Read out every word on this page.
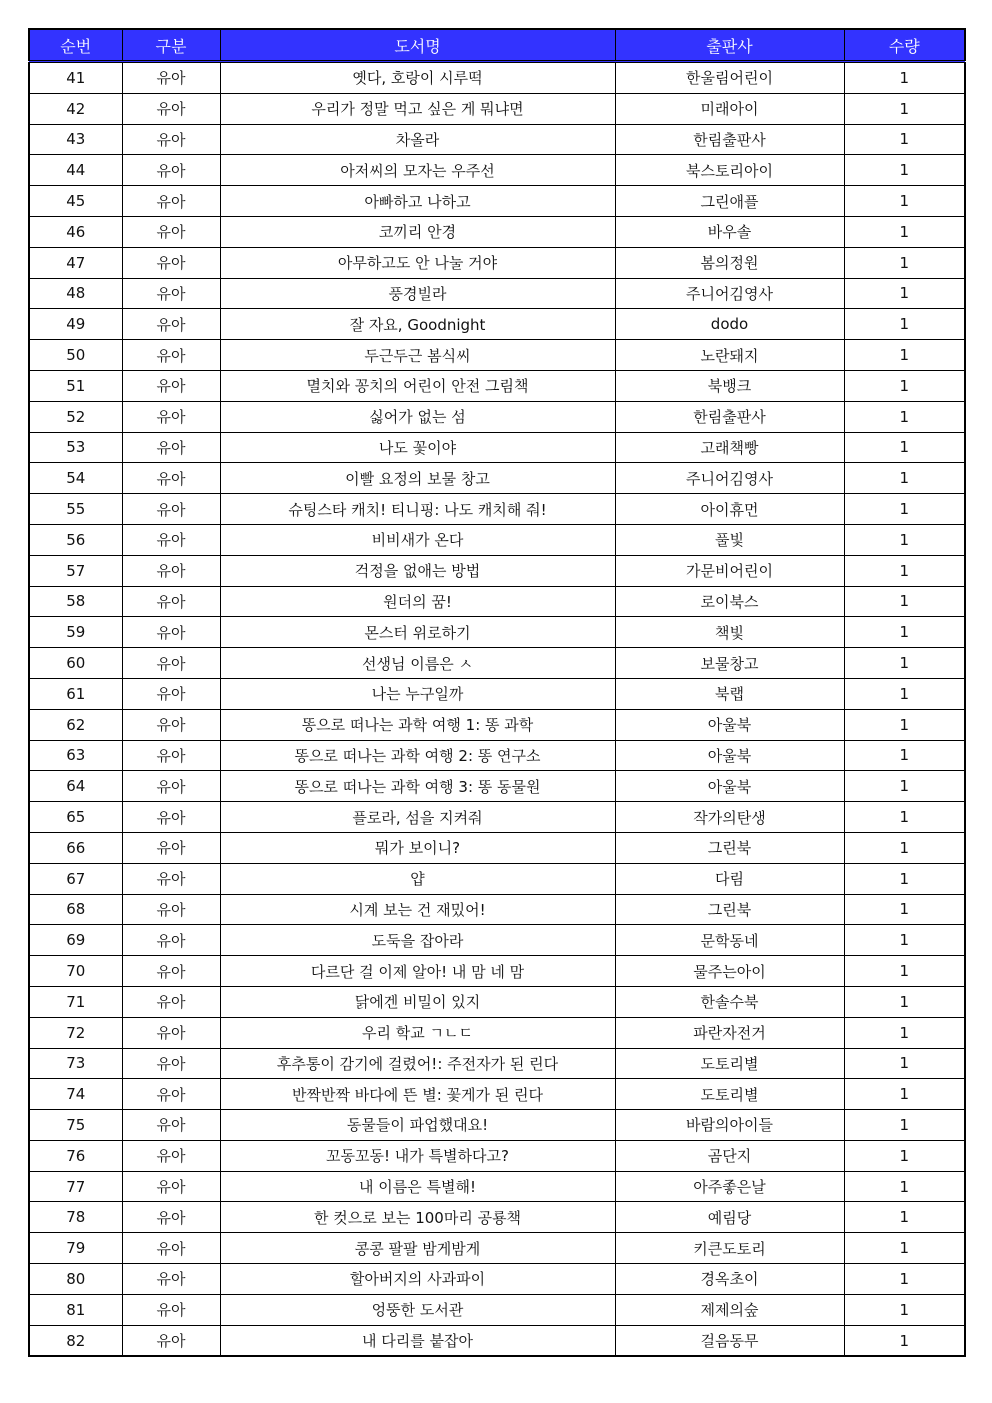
순번	구분	도서명	출판사	수량
41	유아	옛다, 호랑이 시루떡	한울림어린이	1
42	유아	우리가 정말 먹고 싶은 게 뭐냐면	미래아이	1
43	유아	차올라	한림출판사	1
44	유아	아저씨의 모자는 우주선	북스토리아이	1
45	유아	아빠하고 나하고	그린애플	1
46	유아	코끼리 안경	바우솔	1
47	유아	아무하고도 안 나눌 거야	봄의정원	1
48	유아	풍경빌라	주니어김영사	1
49	유아	잘 자요, Goodnight	dodo	1
50	유아	두근두근 봄식씨	노란돼지	1
51	유아	멸치와 꽁치의 어린이 안전 그림책	북뱅크	1
52	유아	싫어가 없는 섬	한림출판사	1
53	유아	나도 꽃이야	고래책빵	1
54	유아	이빨 요정의 보물 창고	주니어김영사	1
55	유아	슈팅스타 캐치! 티니핑: 나도 캐치해 줘!	아이휴먼	1
56	유아	비비새가 온다	풀빛	1
57	유아	걱정을 없애는 방법	가문비어린이	1
58	유아	원더의 꿈!	로이북스	1
59	유아	몬스터 위로하기	책빛	1
60	유아	선생님 이름은 ㅅ	보물창고	1
61	유아	나는 누구일까	북랩	1
62	유아	똥으로 떠나는 과학 여행 1: 똥 과학	아울북	1
63	유아	똥으로 떠나는 과학 여행 2: 똥 연구소	아울북	1
64	유아	똥으로 떠나는 과학 여행 3: 똥 동물원	아울북	1
65	유아	플로라, 섬을 지켜줘	작가의탄생	1
66	유아	뭐가 보이니?	그린북	1
67	유아	얍	다림	1
68	유아	시계 보는 건 재밌어!	그린북	1
69	유아	도둑을 잡아라	문학동네	1
70	유아	다르단 걸 이제 알아! 내 맘 네 맘	물주는아이	1
71	유아	닭에겐 비밀이 있지	한솔수북	1
72	유아	우리 학교 ㄱㄴㄷ	파란자전거	1
73	유아	후추통이 감기에 걸렸어!: 주전자가 된 린다	도토리별	1
74	유아	반짝반짝 바다에 뜬 별: 꽃게가 된 린다	도토리별	1
75	유아	동물들이 파업했대요!	바람의아이들	1
76	유아	꼬동꼬동! 내가 특별하다고?	곰단지	1
77	유아	내 이름은 특별해!	아주좋은날	1
78	유아	한 컷으로 보는 100마리 공룡책	예림당	1
79	유아	콩콩 팔팔 밤게밤게	키큰도토리	1
80	유아	할아버지의 사과파이	경옥초이	1
81	유아	엉뚱한 도서관	제제의숲	1
82	유아	내 다리를 붙잡아	걸음동무	1
